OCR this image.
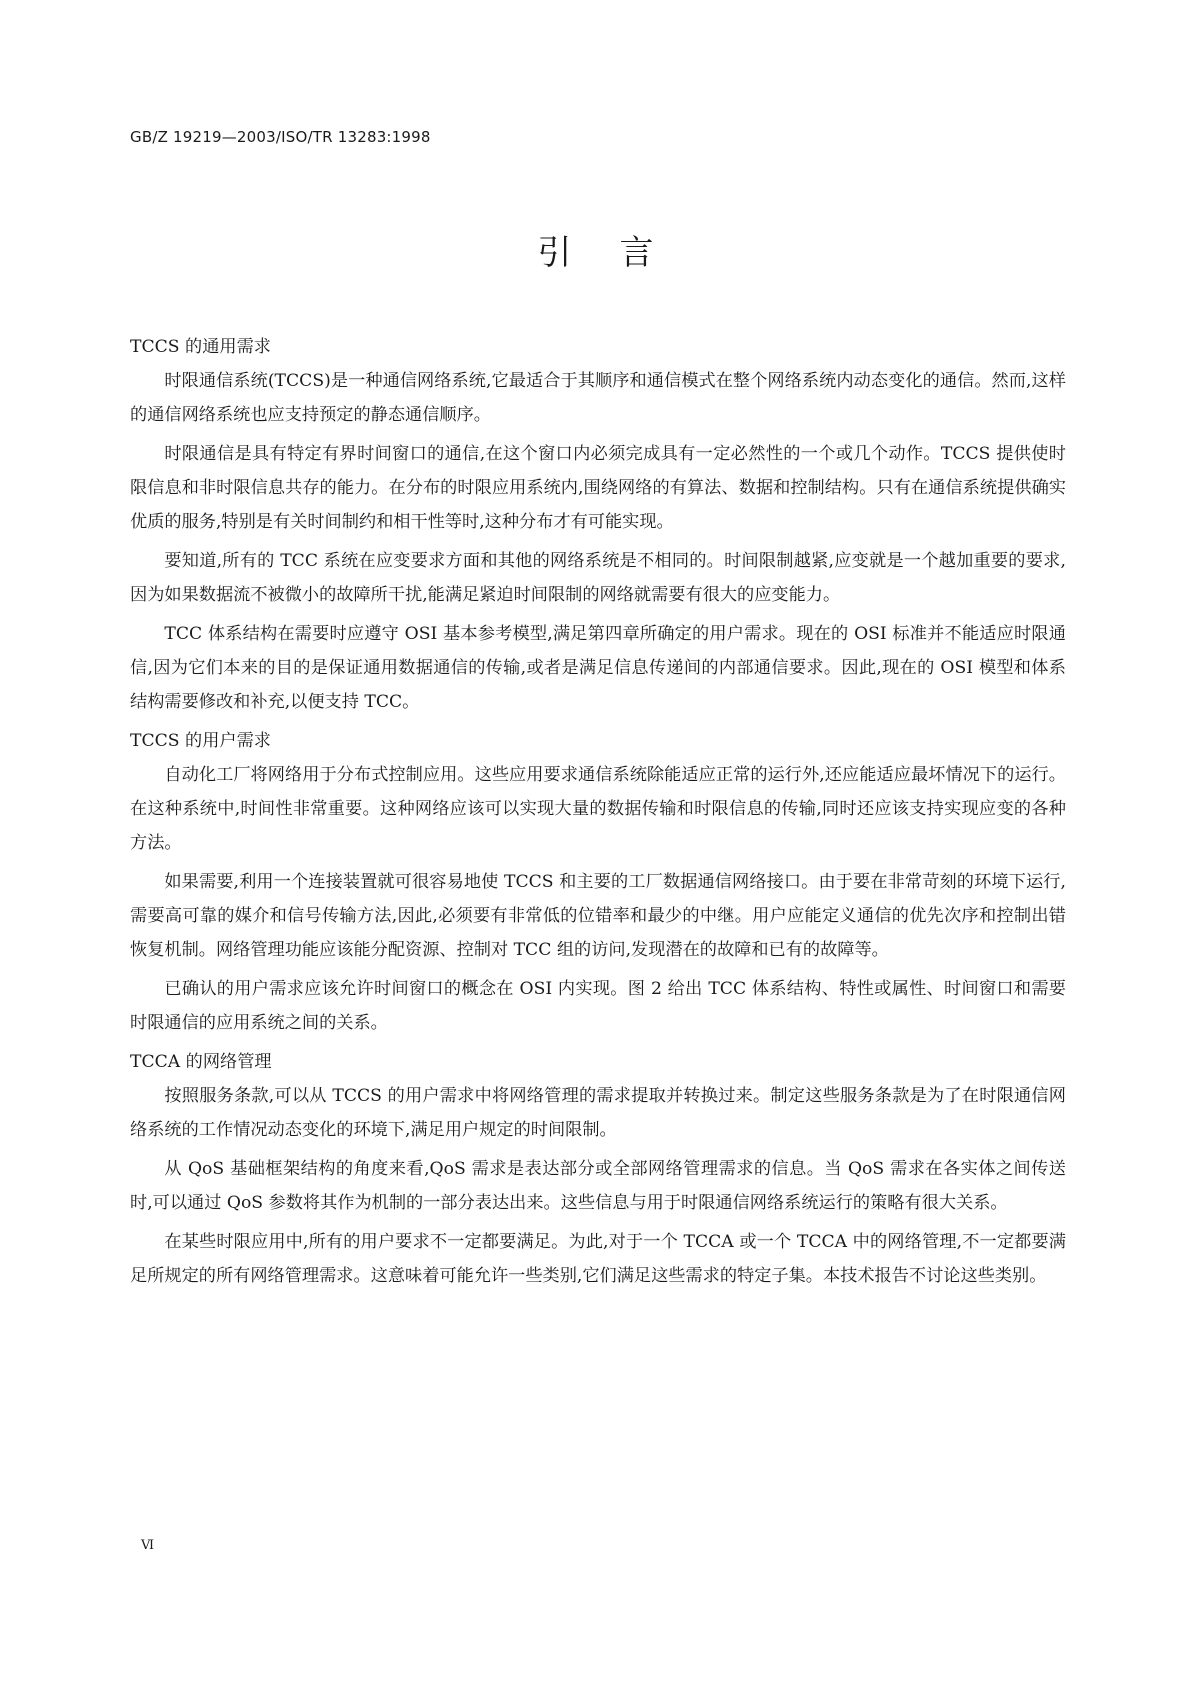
GB/Z 19219—2003/ISO/TR 13283:1998
引言

TCCS 的通用需求

时限通信系统(TCCS)是一种通信网络系统,它最适合于其顺序和通信模式在整个网络系统内动态变化的通信。然而,这样的通信网络系统也应支持预定的静态通信顺序。

时限通信是具有特定有界时间窗口的通信,在这个窗口内必须完成具有一定必然性的一个或几个动作。TCCS 提供使时限信息和非时限信息共存的能力。在分布的时限应用系统内,围绕网络的有算法、数据和控制结构。只有在通信系统提供确实优质的服务,特别是有关时间制约和相干性等时,这种分布才有可能实现。

要知道,所有的 TCC 系统在应变要求方面和其他的网络系统是不相同的。时间限制越紧,应变就是一个越加重要的要求,因为如果数据流不被微小的故障所干扰,能满足紧迫时间限制的网络就需要有很大的应变能力。

TCC 体系结构在需要时应遵守 OSI 基本参考模型,满足第四章所确定的用户需求。现在的 OSI 标准并不能适应时限通信,因为它们本来的目的是保证通用数据通信的传输,或者是满足信息传递间的内部通信要求。因此,现在的 OSI 模型和体系结构需要修改和补充,以便支持 TCC。

TCCS 的用户需求

自动化工厂将网络用于分布式控制应用。这些应用要求通信系统除能适应正常的运行外,还应能适应最坏情况下的运行。在这种系统中,时间性非常重要。这种网络应该可以实现大量的数据传输和时限信息的传输,同时还应该支持实现应变的各种方法。

如果需要,利用一个连接装置就可很容易地使 TCCS 和主要的工厂数据通信网络接口。由于要在非常苛刻的环境下运行,需要高可靠的媒介和信号传输方法,因此,必须要有非常低的位错率和最少的中继。用户应能定义通信的优先次序和控制出错恢复机制。网络管理功能应该能分配资源、控制对 TCC 组的访问,发现潜在的故障和已有的故障等。

已确认的用户需求应该允许时间窗口的概念在 OSI 内实现。图 2 给出 TCC 体系结构、特性或属性、时间窗口和需要时限通信的应用系统之间的关系。

TCCA 的网络管理

按照服务条款,可以从 TCCS 的用户需求中将网络管理的需求提取并转换过来。制定这些服务条款是为了在时限通信网络系统的工作情况动态变化的环境下,满足用户规定的时间限制。

从 QoS 基础框架结构的角度来看,QoS 需求是表达部分或全部网络管理需求的信息。当 QoS 需求在各实体之间传送时,可以通过 QoS 参数将其作为机制的一部分表达出来。这些信息与用于时限通信网络系统运行的策略有很大关系。

在某些时限应用中,所有的用户要求不一定都要满足。为此,对于一个 TCCA 或一个 TCCA 中的网络管理,不一定都要满足所规定的所有网络管理需求。这意味着可能允许一些类别,它们满足这些需求的特定子集。本技术报告不讨论这些类别。

Ⅵ
